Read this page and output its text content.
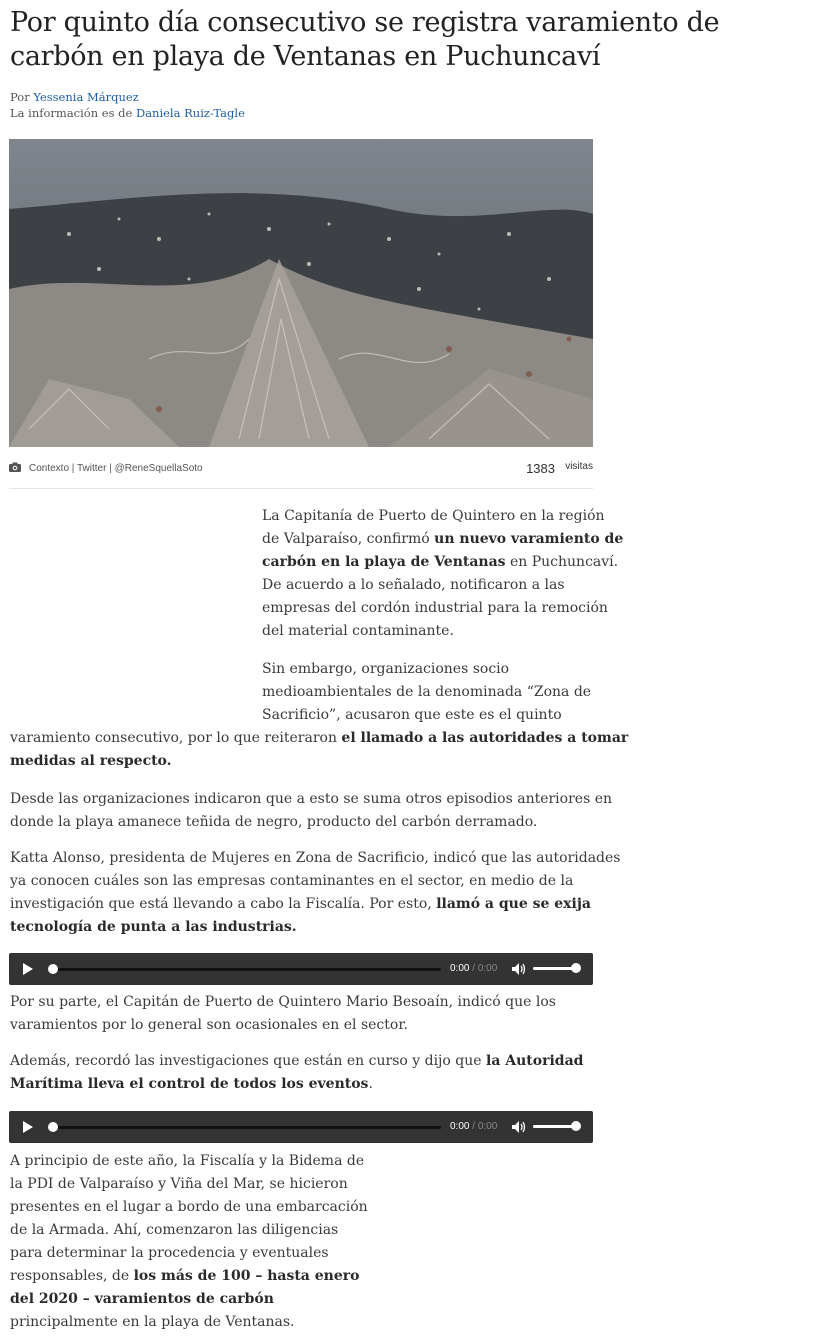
Por quinto día consecutivo se registra varamiento de carbón en playa de Ventanas en Puchuncaví
Por Yessenia Márquez
La información es de Daniela Ruiz-Tagle
Contexto | Twitter | @ReneSquellaSoto	1383 visitas
La Capitanía de Puerto de Quintero en la región
de Valparaíso, confirmó un nuevo varamiento de
carbón en la playa de Ventanas en Puchuncaví.
De acuerdo a lo señalado, notificaron a las
empresas del cordón industrial para la remoción
del material contaminante.
Sin embargo, organizaciones socio
medioambientales de la denominada “Zona de
Sacrificio”, acusaron que este es el quinto
varamiento consecutivo, por lo que reiteraron el llamado a las autoridades a tomar
medidas al respecto.
Desde las organizaciones indicaron que a esto se suma otros episodios anteriores en
donde la playa amanece teñida de negro, producto del carbón derramado.
Katta Alonso, presidenta de Mujeres en Zona de Sacrificio, indicó que las autoridades
ya conocen cuáles son las empresas contaminantes en el sector, en medio de la
investigación que está llevando a cabo la Fiscalía. Por esto, llamó a que se exija
tecnología de punta a las industrias.
0:00 / 0:00
Por su parte, el Capitán de Puerto de Quintero Mario Besoaín, indicó que los
varamientos por lo general son ocasionales en el sector.
Además, recordó las investigaciones que están en curso y dijo que la Autoridad
Marítima lleva el control de todos los eventos.
0:00 / 0:00
A principio de este año, la Fiscalía y la Bidema de
la PDI de Valparaíso y Viña del Mar, se hicieron
presentes en el lugar a bordo de una embarcación
de la Armada. Ahí, comenzaron las diligencias
para determinar la procedencia y eventuales
responsables, de los más de 100 – hasta enero
del 2020 – varamientos de carbón
principalmente en la playa de Ventanas.
